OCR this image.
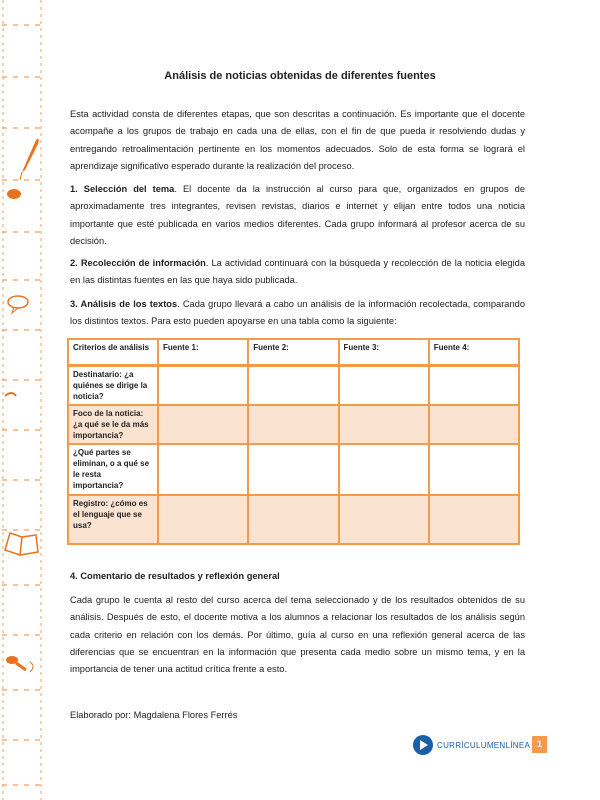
Análisis de noticias obtenidas de diferentes fuentes
Esta actividad consta de diferentes etapas, que son descritas a continuación. Es importante que el docente acompañe a los grupos de trabajo en cada una de ellas, con el fin de que pueda ir resolviendo dudas y entregando retroalimentación pertinente en los momentos adecuados. Solo de esta forma se logrará el aprendizaje significativo esperado durante la realización del proceso.
1. Selección del tema. El docente da la instrucción al curso para que, organizados en grupos de aproximadamente tres integrantes, revisen revistas, diarios e internet y elijan entre todos una noticia importante que esté publicada en varios medios diferentes. Cada grupo informará al profesor acerca de su decisión.
2. Recolección de información. La actividad continuará con la búsqueda y recolección de la noticia elegida en las distintas fuentes en las que haya sido publicada.
3. Análisis de los textos. Cada grupo llevará a cabo un análisis de la información recolectada, comparando los distintos textos. Para esto pueden apoyarse en una tabla como la siguiente:
Criterios de análisis	Fuente 1:	Fuente 2:	Fuente 3:	Fuente 4:
Destinatario: ¿a quiénes se dirige la noticia?				
Foco de la noticia: ¿a qué se le da más importancia?				
¿Qué partes se eliminan, o a qué se le resta importancia?				
Registro: ¿cómo es el lenguaje que se usa?				
4. Comentario de resultados y reflexión general
Cada grupo le cuenta al resto del curso acerca del tema seleccionado y de los resultados obtenidos de su análisis. Después de esto, el docente motiva a los alumnos a relacionar los resultados de los análisis según cada criterio en relación con los demás. Por último, guía al curso en una reflexión general acerca de las diferencias que se encuentran en la información que presenta cada medio sobre un mismo tema, y en la importancia de tener una actitud crítica frente a esto.
Elaborado por: Magdalena Flores Ferrés
CURRÍCULUMENLÍNEA 1
